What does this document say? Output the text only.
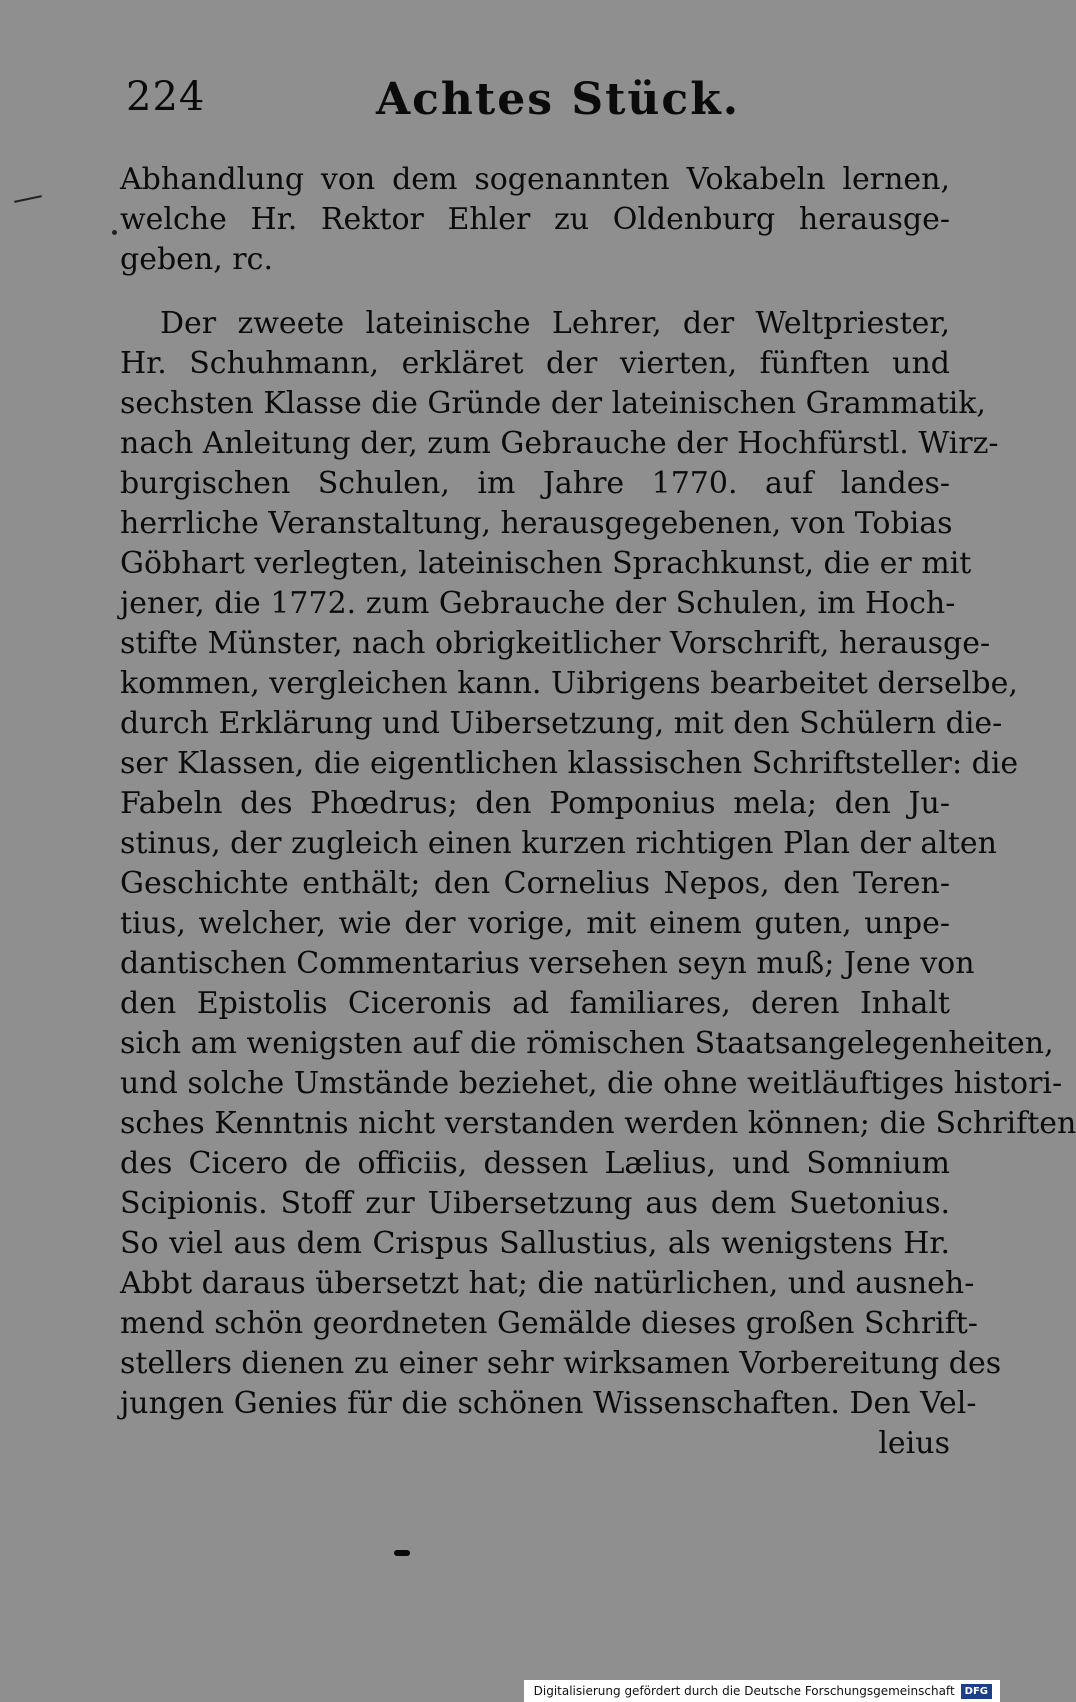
224	Achtes Stück.
Abhandlung von dem sogenannten Vokabeln lernen,
welche Hr. Rektor Ehler zu Oldenburg herausge-
geben, rc.
Der zweete lateinische Lehrer, der Weltpriester,
Hr. Schuhmann, erkläret der vierten, fünften und
sechsten Klasse die Gründe der lateinischen Grammatik,
nach Anleitung der, zum Gebrauche der Hochfürstl. Wirz-
burgischen Schulen, im Jahre 1770. auf landes-
herrliche Veranstaltung, herausgegebenen, von Tobias
Göbhart verlegten, lateinischen Sprachkunst, die er mit
jener, die 1772. zum Gebrauche der Schulen, im Hoch-
stifte Münster, nach obrigkeitlicher Vorschrift, herausge-
kommen, vergleichen kann. Uibrigens bearbeitet derselbe,
durch Erklärung und Uibersetzung, mit den Schülern die-
ser Klassen, die eigentlichen klassischen Schriftsteller: die
Fabeln des Phœdrus; den Pomponius mela; den Ju-
stinus, der zugleich einen kurzen richtigen Plan der alten
Geschichte enthält; den Cornelius Nepos, den Teren-
tius, welcher, wie der vorige, mit einem guten, unpe-
dantischen Commentarius versehen seyn muß; Jene von
den Epistolis Ciceronis ad familiares, deren Inhalt
sich am wenigsten auf die römischen Staatsangelegenheiten,
und solche Umstände beziehet, die ohne weitläuftiges histori-
sches Kenntnis nicht verstanden werden können; die Schriften
des Cicero de officiis, dessen Lælius, und Somnium
Scipionis. Stoff zur Uibersetzung aus dem Suetonius.
So viel aus dem Crispus Sallustius, als wenigstens Hr.
Abbt daraus übersetzt hat; die natürlichen, und ausneh-
mend schön geordneten Gemälde dieses großen Schrift-
stellers dienen zu einer sehr wirksamen Vorbereitung des
jungen Genies für die schönen Wissenschaften. Den Vel-
leius
Digitalisierung gefördert durch die Deutsche Forschungsgemeinschaft	DFG
